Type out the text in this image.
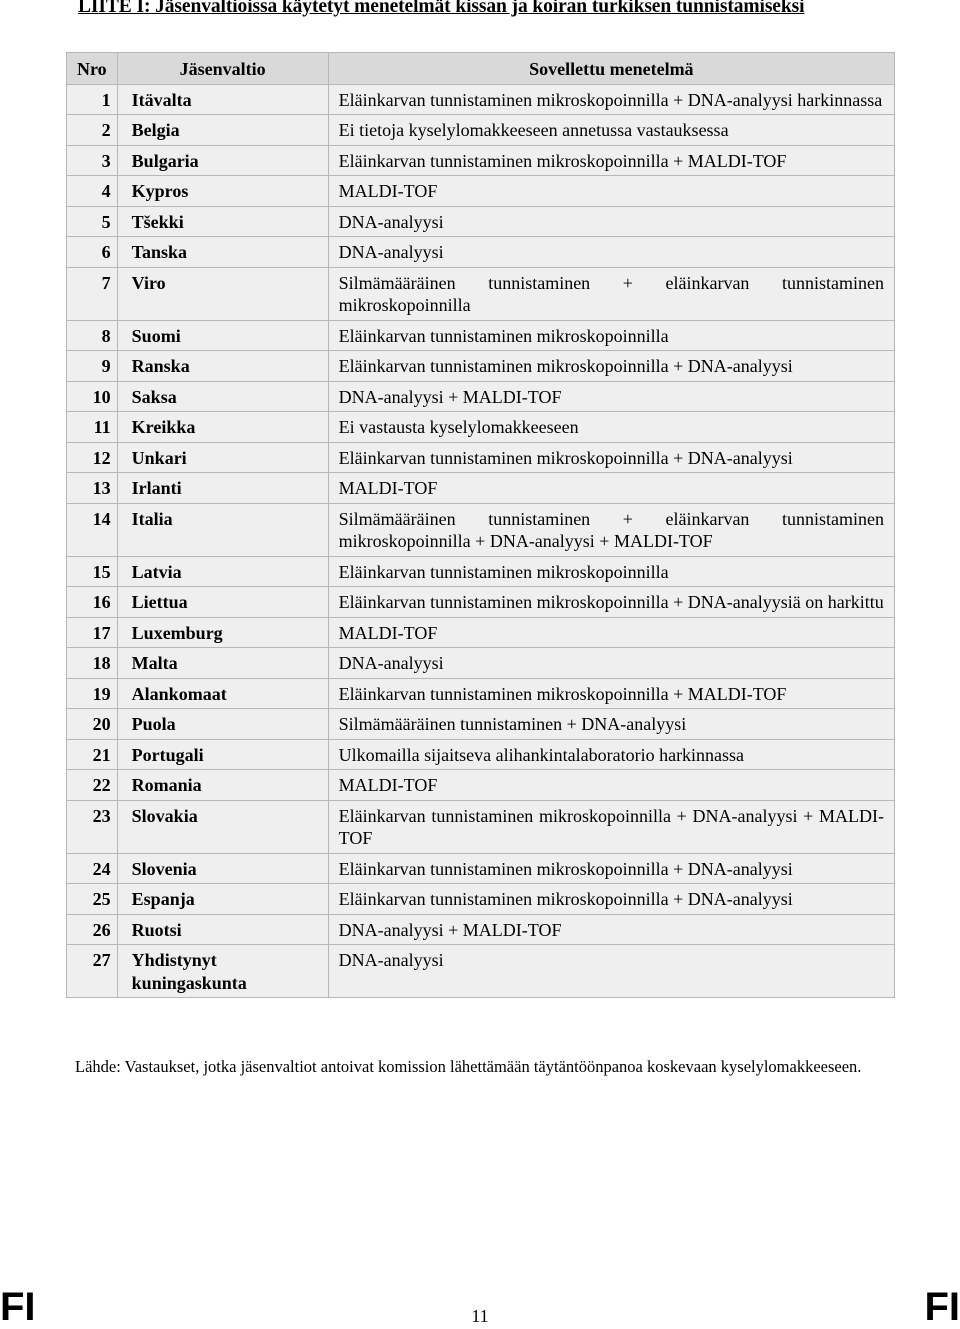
LIITE I: Jäsenvaltioissa käytetyt menetelmät kissan ja koiran turkiksen tunnistamiseksi
Nro	Jäsenvaltio	Sovellettu menetelmä
1	Itävalta	Eläinkarvan tunnistaminen mikroskopoinnilla + DNA-analyysi harkinnassa
2	Belgia	Ei tietoja kyselylomakkeeseen annetussa vastauksessa
3	Bulgaria	Eläinkarvan tunnistaminen mikroskopoinnilla + MALDI-TOF
4	Kypros	MALDI-TOF
5	Tšekki	DNA-analyysi
6	Tanska	DNA-analyysi
7	Viro	Silmämääräinen tunnistaminen + eläinkarvan tunnistaminen mikroskopoinnilla
8	Suomi	Eläinkarvan tunnistaminen mikroskopoinnilla
9	Ranska	Eläinkarvan tunnistaminen mikroskopoinnilla + DNA-analyysi
10	Saksa	DNA-analyysi + MALDI-TOF
11	Kreikka	Ei vastausta kyselylomakkeeseen
12	Unkari	Eläinkarvan tunnistaminen mikroskopoinnilla + DNA-analyysi
13	Irlanti	MALDI-TOF
14	Italia	Silmämääräinen tunnistaminen + eläinkarvan tunnistaminen mikroskopoinnilla + DNA-analyysi + MALDI-TOF
15	Latvia	Eläinkarvan tunnistaminen mikroskopoinnilla
16	Liettua	Eläinkarvan tunnistaminen mikroskopoinnilla + DNA-analyysiä on harkittu
17	Luxemburg	MALDI-TOF
18	Malta	DNA-analyysi
19	Alankomaat	Eläinkarvan tunnistaminen mikroskopoinnilla + MALDI-TOF
20	Puola	Silmämääräinen tunnistaminen + DNA-analyysi
21	Portugali	Ulkomailla sijaitseva alihankintalaboratorio harkinnassa
22	Romania	MALDI-TOF
23	Slovakia	Eläinkarvan tunnistaminen mikroskopoinnilla + DNA-analyysi + MALDI-TOF
24	Slovenia	Eläinkarvan tunnistaminen mikroskopoinnilla + DNA-analyysi
25	Espanja	Eläinkarvan tunnistaminen mikroskopoinnilla + DNA-analyysi
26	Ruotsi	DNA-analyysi + MALDI-TOF
27	Yhdistynyt kuningaskunta	DNA-analyysi
Lähde: Vastaukset, jotka jäsenvaltiot antoivat komission lähettämään täytäntöönpanoa koskevaan kyselylomakkeeseen.
FI	11	FI
